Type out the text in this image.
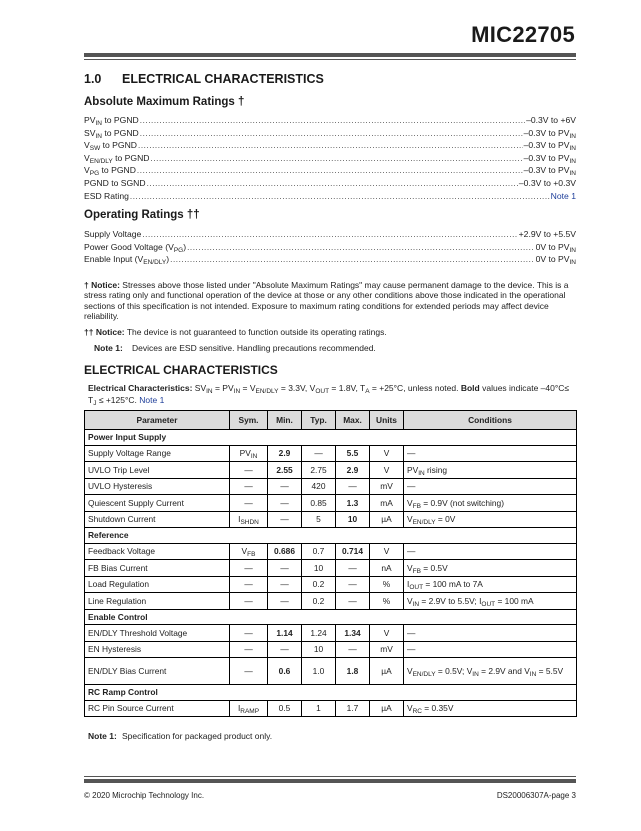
MIC22705
1.0 ELECTRICAL CHARACTERISTICS
Absolute Maximum Ratings †
$PV_{IN}$ to PGND .....	–0.3V to +6V
$SV_{IN}$ to PGND .....	–0.3V to $PV_{IN}$
$V_{SW}$ to PGND .....	–0.3V to $PV_{IN}$
$V_{EN/DLY}$ to PGND .....	–0.3V to $PV_{IN}$
$V_{PG}$ to PGND .....	–0.3V to $PV_{IN}$
PGND to SGND .....	–0.3V to +0.3V
ESD Rating .....	Note 1
Operating Ratings ††
Supply Voltage .....	+2.9V to +5.5V
Power Good Voltage $(V_{PG})$ .....	0V to $PV_{IN}$
Enable Input $(V_{EN/DLY})$ .....	0V to $PV_{IN}$
† Notice: Stresses above those listed under "Absolute Maximum Ratings" may cause permanent damage to the device. This is a stress rating only and functional operation of the device at those or any other conditions above those indicated in the operational sections of this specification is not intended. Exposure to maximum rating conditions for extended periods may affect device reliability.
†† Notice: The device is not guaranteed to function outside its operating ratings.
Note 1: Devices are ESD sensitive. Handling precautions recommended.
ELECTRICAL CHARACTERISTICS
Electrical Characteristics: $SV_{IN} = PV_{IN} = V_{EN/DLY} = 3.3V$, $V_{OUT} = 1.8V$, $T_A = +25^\circ C$, unless noted. Bold values indicate $-40^\circ C\le T_J \le +125^\circ C$. Note 1
Parameter	Sym.	Min.	Typ.	Max.	Units	Conditions
Power Input Supply						
Supply Voltage Range	$PV_{IN}$	2.9	—	5.5	V	—
UVLO Trip Level	—	2.55	2.75	2.9	V	$PV_{IN}$ rising
UVLO Hysteresis	—	—	420	—	mV	—
Quiescent Supply Current	—	—	0.85	1.3	mA	$V_{FB} = 0.9V$ (not switching)
Shutdown Current	$I_{SHDN}$	—	5	10	µA	$V_{EN/DLY} = 0V$
Reference						
Feedback Voltage	$V_{FB}$	0.686	0.7	0.714	V	—
FB Bias Current	—	—	10	—	nA	$V_{FB} = 0.5V$
Load Regulation	—	—	0.2	—	%	$I_{OUT} = 100$ mA to 7A
Line Regulation	—	—	0.2	—	%	$V_{IN} = 2.9V$ to 5.5V; $I_{OUT} = 100$ mA
Enable Control						
EN/DLY Threshold Voltage	—	1.14	1.24	1.34	V	—
EN Hysteresis	—	—	10	—	mV	—
EN/DLY Bias Current	—	0.6	1.0	1.8	µA	$V_{EN/DLY} = 0.5V$; $V_{IN} = 2.9V$ and $V_{IN} = 5.5V$
RC Ramp Control						
RC Pin Source Current	$I_{RAMP}$	0.5	1	1.7	µA	$V_{RC} = 0.35V$
Note 1: Specification for packaged product only.
© 2020 Microchip Technology Inc.	DS20006307A-page 3
